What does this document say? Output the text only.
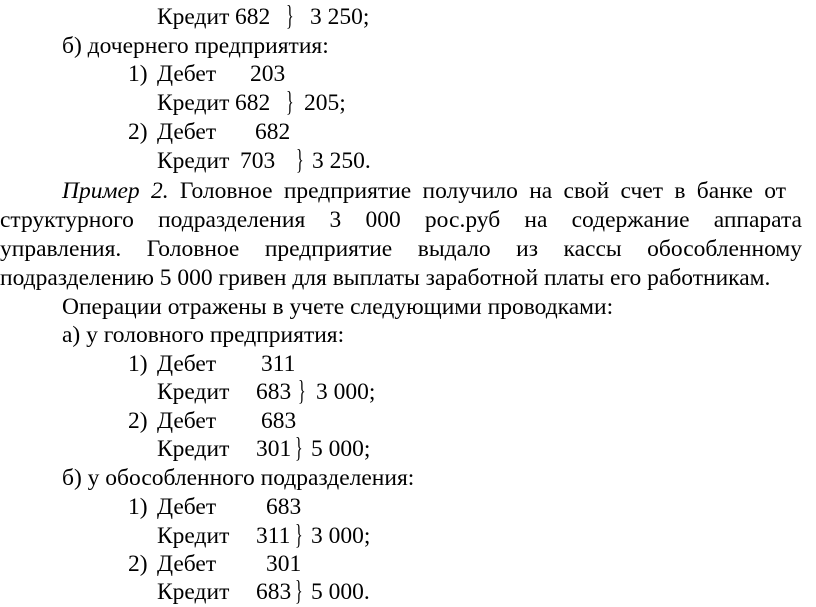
Кредит 682 } 3 250;
б) дочернего предприятия:
1) Дебет 203
Кредит 682 } 205;
2) Дебет 682
Кредит 703 } 3 250.
Пример 2. Головное предприятие получило на свой счет в банке от
структурного подразделения 3 000 рос.руб на содержание аппарата
управления. Головное предприятие выдало из кассы обособленному
подразделению 5 000 гривен для выплаты заработной платы его работникам.
Операции отражены в учете следующими проводками:
а) у головного предприятия:
1) Дебет 311
Кредит 683 } 3 000;
2) Дебет 683
Кредит 301 } 5 000;
б) у обособленного подразделения:
1) Дебет 683
Кредит 311 } 3 000;
2) Дебет 301
Кредит 683 } 5 000.
